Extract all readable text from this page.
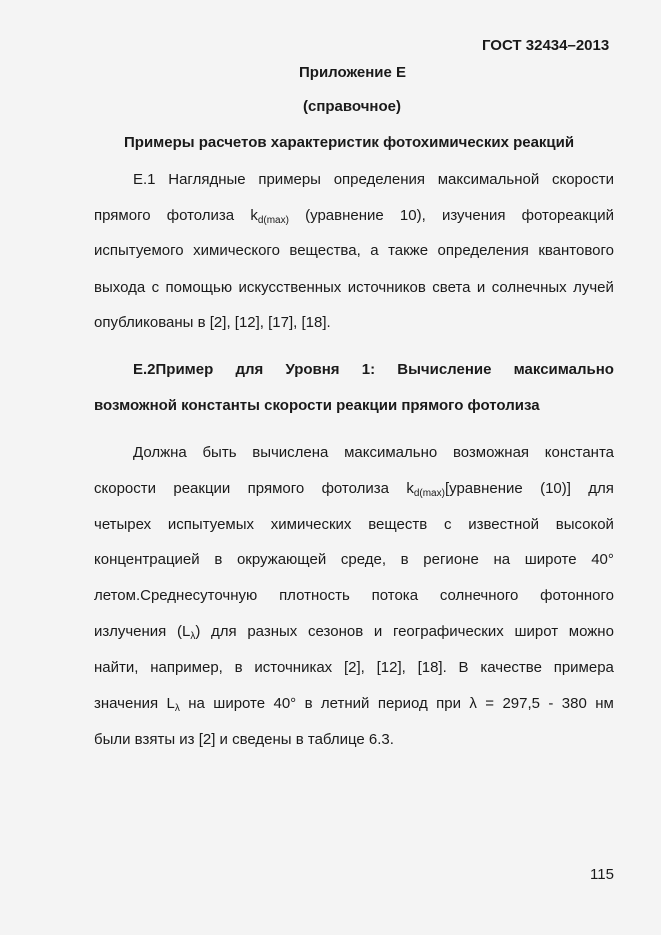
ГОСТ 32434–2013
Приложение Е
(справочное)
Примеры расчетов характеристик фотохимических реакций
Е.1 Наглядные примеры определения максимальной скорости
прямого фотолиза $k_{d(max)}$ (уравнение 10), изучения фотореакций
испытуемого химического вещества, а также определения квантового
выхода с помощью искусственных источников света и солнечных лучей
опубликованы в [2], [12], [17], [18].
Е.2Пример для Уровня 1: Вычисление максимально
возможной константы скорости реакции прямого фотолиза
Должна быть вычислена максимально возможная константа
скорости реакции прямого фотолиза $k_{d(max)}[уравнение$ (10)] для
четырех испытуемых химических веществ с известной высокой
концентрацией в окружающей среде, в регионе на широте 40°
летом.Среднесуточную плотность потока солнечного фотонного
излучения $(L_\lambda)$ для разных сезонов и географических широт можно
найти, например, в источниках [2], [12], [18]. В качестве примера
значения $L_\lambda$ на широте 40° в летний период при λ = 297,5 - 380 нм
были взяты из [2] и сведены в таблице 6.3.
115
